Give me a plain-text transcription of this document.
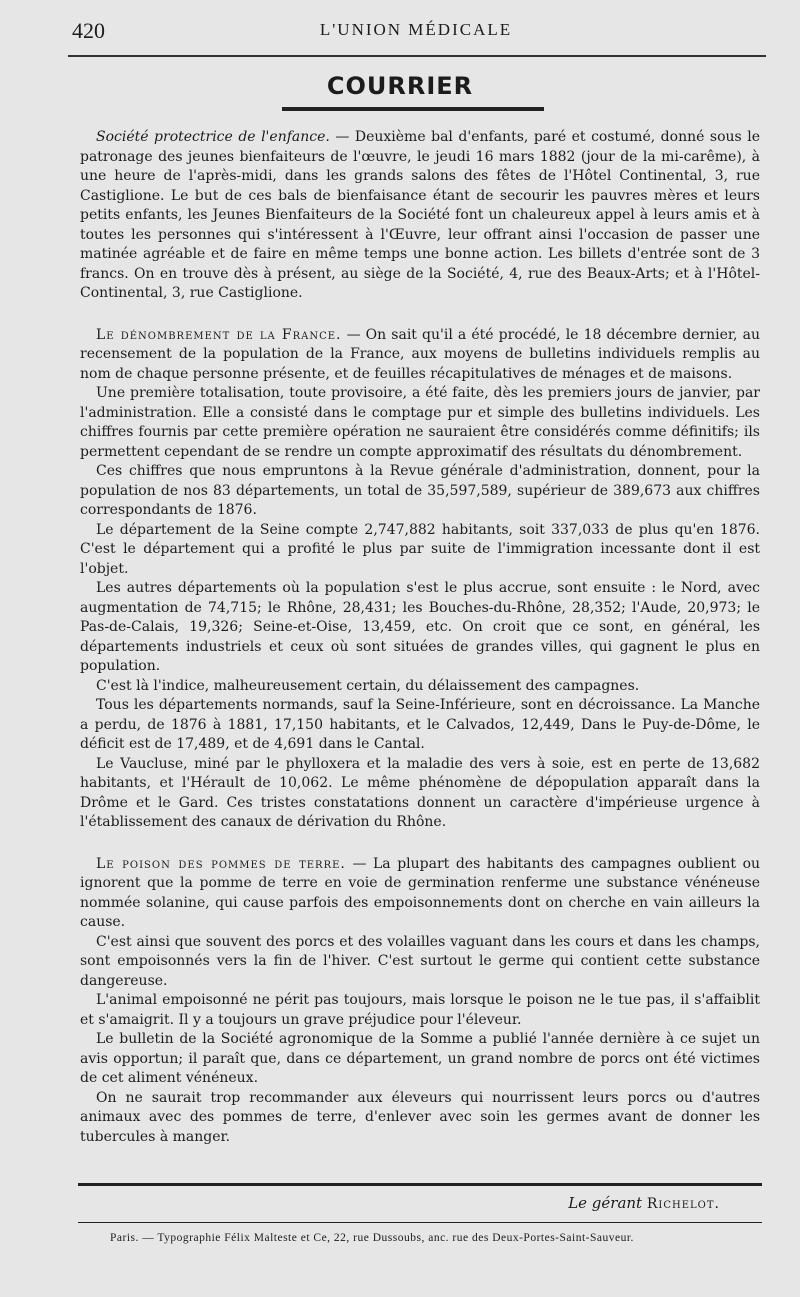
420	L'UNION MÉDICALE
COURRIER

Société protectrice de l'enfance. — Deuxième bal d'enfants, paré et costumé, donné sous le patronage des jeunes bienfaiteurs de l'œuvre, le jeudi 16 mars 1882 (jour de la mi-carême), à une heure de l'après-midi, dans les grands salons des fêtes de l'Hôtel Continental, 3, rue Castiglione. Le but de ces bals de bienfaisance étant de secourir les pauvres mères et leurs petits enfants, les Jeunes Bienfaiteurs de la Société font un chaleureux appel à leurs amis et à toutes les personnes qui s'intéressent à l'Œuvre, leur offrant ainsi l'occasion de passer une matinée agréable et de faire en même temps une bonne action. Les billets d'entrée sont de 3 francs. On en trouve dès à présent, au siège de la Société, 4, rue des Beaux-Arts; et à l'Hôtel-Continental, 3, rue Castiglione.

Le dénombrement de la France. — On sait qu'il a été procédé, le 18 décembre dernier, au recensement de la population de la France, aux moyens de bulletins individuels remplis au nom de chaque personne présente, et de feuilles récapitulatives de ménages et de maisons.

Une première totalisation, toute provisoire, a été faite, dès les premiers jours de janvier, par l'administration. Elle a consisté dans le comptage pur et simple des bulletins individuels. Les chiffres fournis par cette première opération ne sauraient être considérés comme définitifs; ils permettent cependant de se rendre un compte approximatif des résultats du dénombrement.

Ces chiffres que nous empruntons à la Revue générale d'administration, donnent, pour la population de nos 83 départements, un total de 35,597,589, supérieur de 389,673 aux chiffres correspondants de 1876.

Le département de la Seine compte 2,747,882 habitants, soit 337,033 de plus qu'en 1876. C'est le département qui a profité le plus par suite de l'immigration incessante dont il est l'objet.

Les autres départements où la population s'est le plus accrue, sont ensuite : le Nord, avec augmentation de 74,715; le Rhône, 28,431; les Bouches-du-Rhône, 28,352; l'Aude, 20,973; le Pas-de-Calais, 19,326; Seine-et-Oise, 13,459, etc. On croit que ce sont, en général, les départements industriels et ceux où sont situées de grandes villes, qui gagnent le plus en population.

C'est là l'indice, malheureusement certain, du délaissement des campagnes.

Tous les départements normands, sauf la Seine-Inférieure, sont en décroissance. La Manche a perdu, de 1876 à 1881, 17,150 habitants, et le Calvados, 12,449, Dans le Puy-de-Dôme, le déficit est de 17,489, et de 4,691 dans le Cantal.

Le Vaucluse, miné par le phylloxera et la maladie des vers à soie, est en perte de 13,682 habitants, et l'Hérault de 10,062. Le même phénomène de dépopulation apparaît dans la Drôme et le Gard. Ces tristes constatations donnent un caractère d'impérieuse urgence à l'établissement des canaux de dérivation du Rhône.

Le poison des pommes de terre. — La plupart des habitants des campagnes oublient ou ignorent que la pomme de terre en voie de germination renferme une substance vénéneuse nommée solanine, qui cause parfois des empoisonnements dont on cherche en vain ailleurs la cause.

C'est ainsi que souvent des porcs et des volailles vaguant dans les cours et dans les champs, sont empoisonnés vers la fin de l'hiver. C'est surtout le germe qui contient cette substance dangereuse.

L'animal empoisonné ne périt pas toujours, mais lorsque le poison ne le tue pas, il s'affaiblit et s'amaigrit. Il y a toujours un grave préjudice pour l'éleveur.

Le bulletin de la Société agronomique de la Somme a publié l'année dernière à ce sujet un avis opportun; il paraît que, dans ce département, un grand nombre de porcs ont été victimes de cet aliment vénéneux.

On ne saurait trop recommander aux éleveurs qui nourrissent leurs porcs ou d'autres animaux avec des pommes de terre, d'enlever avec soin les germes avant de donner les tubercules à manger.

Le gérant Richelot.
Paris. — Typographie Félix Malteste et Ce, 22, rue Dussoubs, anc. rue des Deux-Portes-Saint-Sauveur.
